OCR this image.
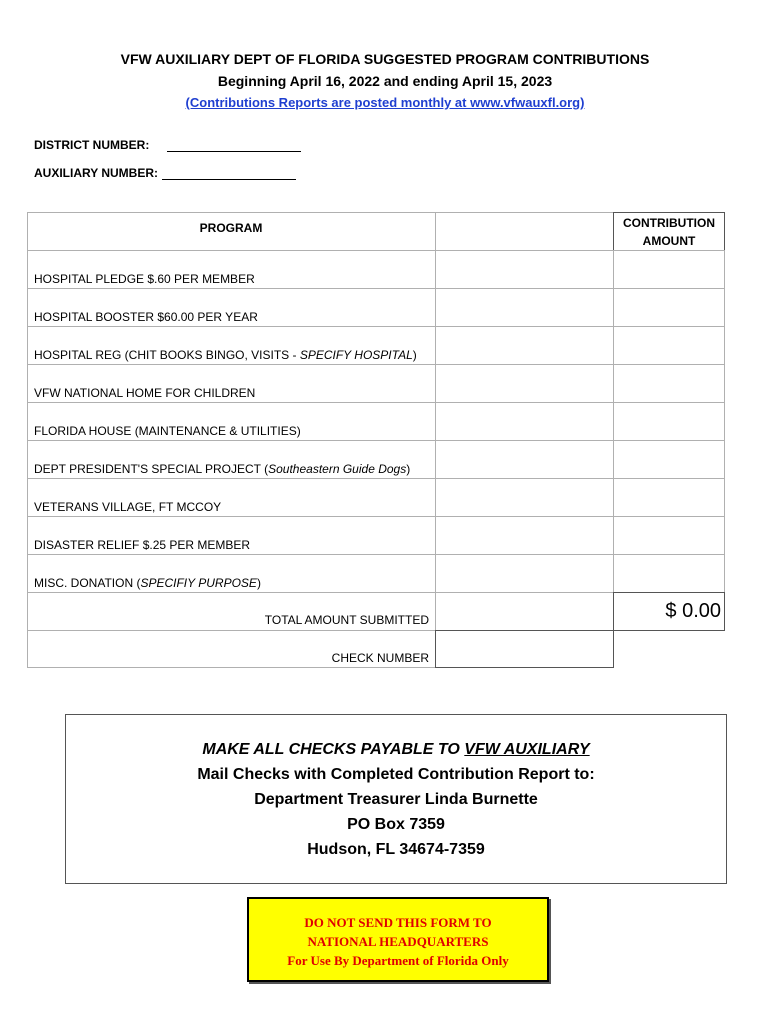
VFW AUXILIARY DEPT OF FLORIDA SUGGESTED PROGRAM CONTRIBUTIONS
Beginning April 16, 2022 and ending April 15, 2023
(Contributions Reports are posted monthly at www.vfwauxfl.org)
DISTRICT NUMBER:
AUXILIARY NUMBER:
PROGRAM	CONTRIBUTION
AMOUNT
HOSPITAL PLEDGE $.60 PER MEMBER
HOSPITAL BOOSTER $60.00 PER YEAR
HOSPITAL REG (CHIT BOOKS BINGO, VISITS - SPECIFY HOSPITAL)
VFW NATIONAL HOME FOR CHILDREN
FLORIDA HOUSE (MAINTENANCE & UTILITIES)
DEPT PRESIDENT'S SPECIAL PROJECT (Southeastern Guide Dogs)
VETERANS VILLAGE, FT MCCOY
DISASTER RELIEF $.25 PER MEMBER
MISC. DONATION (SPECIFIY PURPOSE)
TOTAL AMOUNT SUBMITTED	$ 0.00
CHECK NUMBER
MAKE ALL CHECKS PAYABLE TO VFW AUXILIARY
Mail Checks with Completed Contribution Report to:
Department Treasurer Linda Burnette
PO Box 7359
Hudson, FL 34674-7359
DO NOT SEND THIS FORM TO
NATIONAL HEADQUARTERS
For Use By Department of Florida Only
